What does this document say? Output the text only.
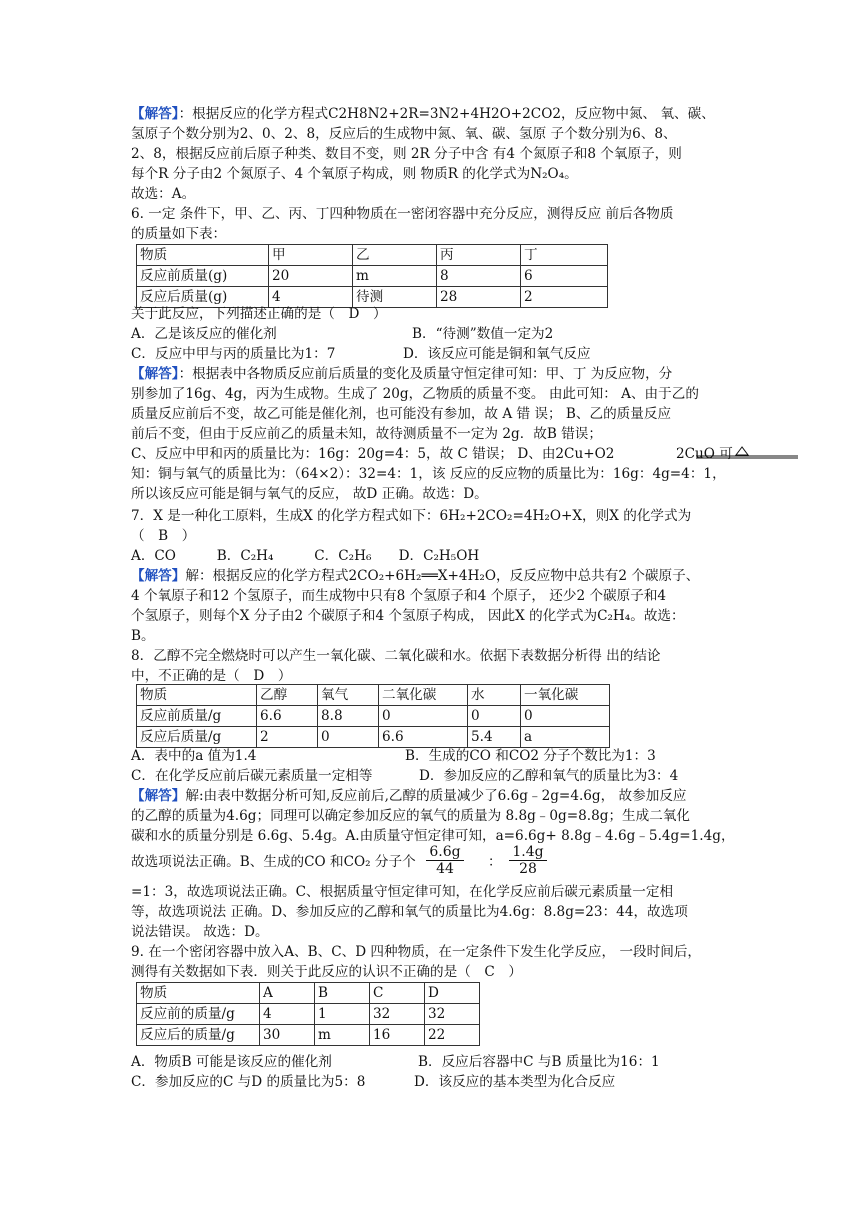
【解答】：根据反应的化学方程式C2H8N2+2R=3N2+4H2O+2CO2，反应物中氮、 氧、碳、
氢原子个数分别为2、0、2、8，反应后的生成物中氮、氧、碳、氢原 子个数分别为6、8、
2、8，根据反应前后原子种类、数目不变，则 2R 分子中含 有4 个氮原子和8 个氧原子，则
每个R 分子由2 个氮原子、4 个氧原子构成，则 物质R 的化学式为N₂O₄。
故选：A。
6. 一定 条件下，甲、乙、丙、丁四种物质在一密闭容器中充分反应，测得反应 前后各物质
的质量如下表：
物质	甲	乙	丙	丁
反应前质量(g)	20	m	8	6
反应后质量(g)	4	待测	28	2
关于此反应，下列描述正确的是（　D　）
A．乙是该反应的催化剂	B．“待测”数值一定为2
C．反应中甲与丙的质量比为1：7	D．该反应可能是铜和氧气反应
【解答】：根据表中各物质反应前后质量的变化及质量守恒定律可知：甲、丁 为反应物，分
别参加了16g、4g，丙为生成物。生成了 20g，乙物质的质量不变。 由此可知： A、由于乙的
质量反应前后不变，故乙可能是催化剂，也可能没有参加，故 A 错 误； B、乙的质量反应
前后不变，但由于反应前乙的质量未知，故待测质量不一定为 2g．故B 错误；
C、反应中甲和丙的质量比为：16g：20g=4：5，故 C 错误； D、由2Cu+O2	2CuO 可
知：铜与氧气的质量比为：（64×2）：32=4：1，该 反应的反应物的质量比为：16g：4g=4：1，
所以该反应可能是铜与氧气的反应， 故D 正确。故选：D。
7．X 是一种化工原料，生成X 的化学方程式如下：6H₂+2CO₂=4H₂O+X，则X 的化学式为
（　B　）
A．CO　　　B．C₂H₄　　　C．C₂H₆　　D．C₂H₅OH
【解答】解：根据反应的化学方程式2CO₂+6H₂══X+4H₂O，反反应物中总共有2 个碳原子、
4 个氧原子和12 个氢原子，而生成物中只有8 个氢原子和4 个原子， 还少2 个碳原子和4
个氢原子，则每个X 分子由2 个碳原子和4 个氢原子构成， 因此X 的化学式为C₂H₄。故选：
B。
8．乙醇不完全燃烧时可以产生一氧化碳、二氧化碳和水。依据下表数据分析得 出的结论
中，不正确的是（　D　）
物质	乙醇	氧气	二氧化碳	水	一氧化碳
反应前质量/g	6.6	8.8	0	0	0
反应后质量/g	2	0	6.6	5.4	a
A．表中的a 值为1.4	B．生成的CO 和CO2 分子个数比为1：3
C．在化学反应前后碳元素质量一定相等	D．参加反应的乙醇和氧气的质量比为3：4
【解答】解:由表中数据分析可知,反应前后,乙醇的质量减少了6.6g﹣2g=4.6g， 故参加反应
的乙醇的质量为4.6g；同理可以确定参加反应的氧气的质量为 8.8g﹣0g=8.8g；生成二氧化
碳和水的质量分别是 6.6g、5.4g。A.由质量守恒定律可知，a=6.6g+ 8.8g﹣4.6g﹣5.4g=1.4g，
故选项说法正确。B、生成的CO 和CO₂ 分子个 $\frac{6.6g}{44}$ ： $\frac{1.4g}{28}$
=1：3，故选项说法正确。C、根据质量守恒定律可知，在化学反应前后碳元素质量一定相
等，故选项说法 正确。D、参加反应的乙醇和氧气的质量比为4.6g：8.8g=23：44，故选项
说法错误。 故选：D。
9. 在一个密闭容器中放入A、B、C、D 四种物质，在一定条件下发生化学反应， 一段时间后，
测得有关数据如下表．则关于此反应的认识不正确的是（　C　）
物质	A	B	C	D
反应前的质量/g	4	1	32	32
反应后的质量/g	30	m	16	22
A．物质B 可能是该反应的催化剂	B．反应后容器中C 与B 质量比为16：1
C．参加反应的C 与D 的质量比为5：8	D．该反应的基本类型为化合反应
